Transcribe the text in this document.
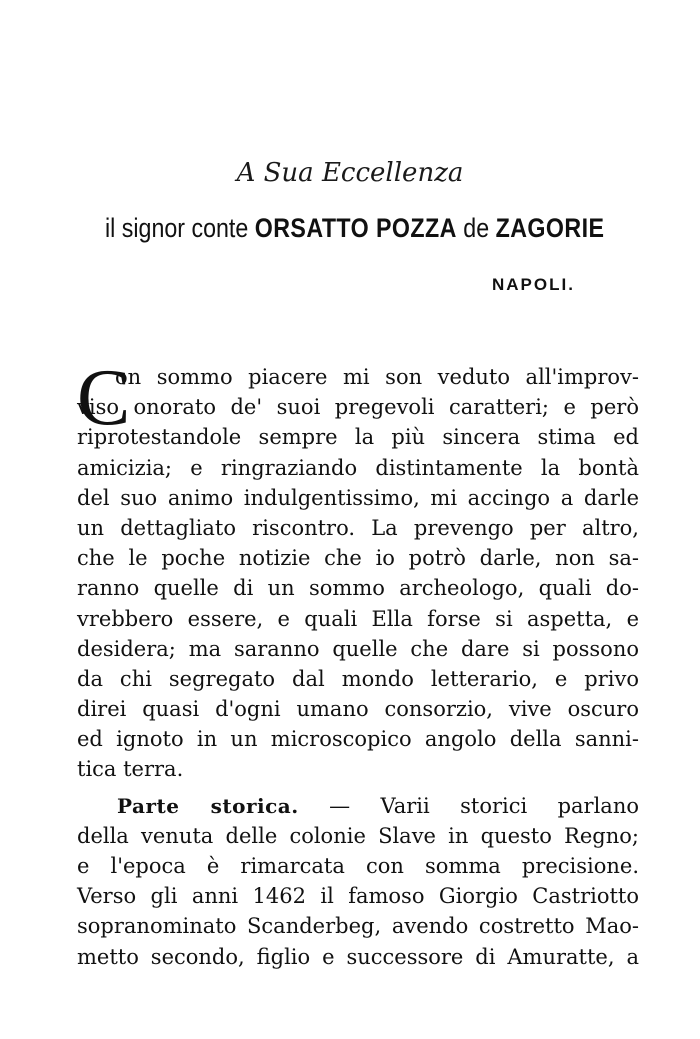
A Sua Eccellenza
il signor conte ORSATTO POZZA de ZAGORIE
NAPOLI.
C
on sommo piacere mi son veduto all'improv-
viso onorato de' suoi pregevoli caratteri; e però
riprotestandole sempre la più sincera stima ed
amicizia; e ringraziando distintamente la bontà
del suo animo indulgentissimo, mi accingo a darle
un dettagliato riscontro. La prevengo per altro,
che le poche notizie che io potrò darle, non sa-
ranno quelle di un sommo archeologo, quali do-
vrebbero essere, e quali Ella forse si aspetta, e
desidera; ma saranno quelle che dare si possono
da chi segregato dal mondo letterario, e privo
direi quasi d'ogni umano consorzio, vive oscuro
ed ignoto in un microscopico angolo della sanni-
tica terra.
Parte storica. — Varii storici parlano
della venuta delle colonie Slave in questo Regno;
e l'epoca è rimarcata con somma precisione.
Verso gli anni 1462 il famoso Giorgio Castriotto
sopranominato Scanderbeg, avendo costretto Mao-
metto secondo, figlio e successore di Amuratte, a
